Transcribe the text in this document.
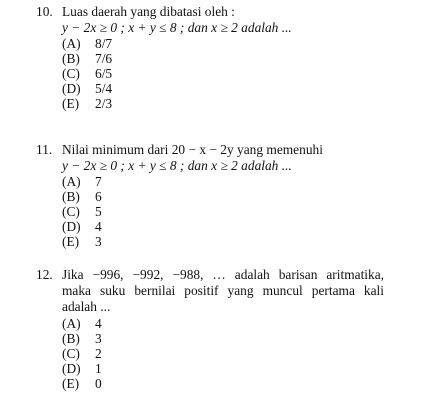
10. Luas daerah yang dibatasi oleh :
y − 2x ≥ 0 ; x + y ≤ 8 ; dan x ≥ 2 adalah ...
(A) 8/7
(B) 7/6
(C) 6/5
(D) 5/4
(E) 2/3
11. Nilai minimum dari 20 − x − 2y yang memenuhi
y − 2x ≥ 0 ; x + y ≤ 8 ; dan x ≥ 2 adalah ...
(A) 7
(B) 6
(C) 5
(D) 4
(E) 3
12. Jika −996, −992, −988, … adalah barisan aritmatika,
maka suku bernilai positif yang muncul pertama kali
adalah ...
(A) 4
(B) 3
(C) 2
(D) 1
(E) 0
